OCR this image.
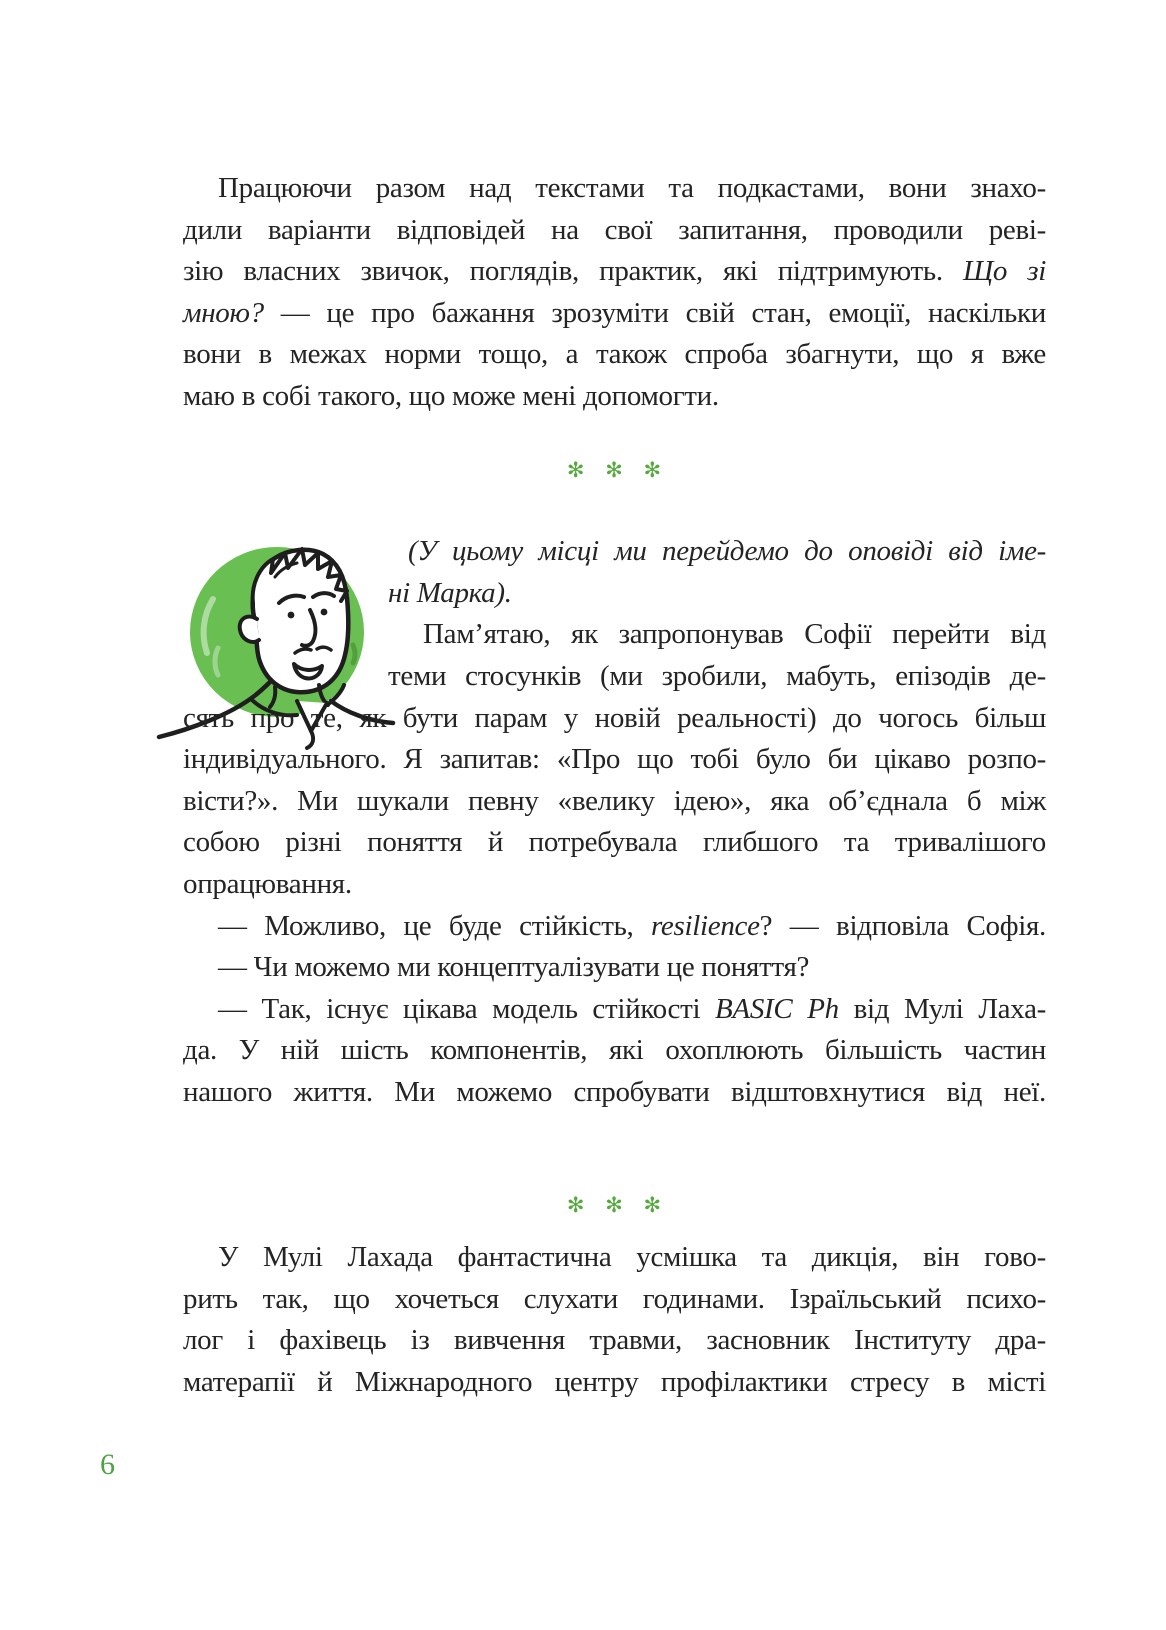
Працюючи разом над текстами та подкастами, вони знахо-
дили варіанти відповідей на свої запитання, проводили реві-
зію власних звичок, поглядів, практик, які підтримують. Що зі
мною? — це про бажання зрозуміти свій стан, емоції, наскільки
вони в межах норми тощо, а також спроба збагнути, що я вже
маю в собі такого, що може мені допомогти.
✻ ✻ ✻
(У цьому місці ми перейдемо до оповіді від іме-
ні Марка).
Пам’ятаю, як запропонував Софії перейти від
теми стосунків (ми зробили, мабуть, епізодів де-
сять про те, як бути парам у новій реальності) до чогось більш
індивідуального. Я запитав: «Про що тобі було би цікаво розпо-
вісти?». Ми шукали певну «велику ідею», яка об’єднала б між
собою різні поняття й потребувала глибшого та тривалішого
опрацювання.
— Можливо, це буде стійкість, resilience? — відповіла Софія.
— Чи можемо ми концептуалізувати це поняття?
— Так, існує цікава модель стійкості BASIC Ph від Мулі Лаха-
да. У ній шість компонентів, які охоплюють більшість частин
нашого життя. Ми можемо спробувати відштовхнутися від неї.
✻ ✻ ✻
У Мулі Лахада фантастична усмішка та дикція, він гово-
рить так, що хочеться слухати годинами. Ізраїльський психо-
лог і фахівець із вивчення травми, засновник Інституту дра-
матерапії й Міжнародного центру профілактики стресу в місті
6
